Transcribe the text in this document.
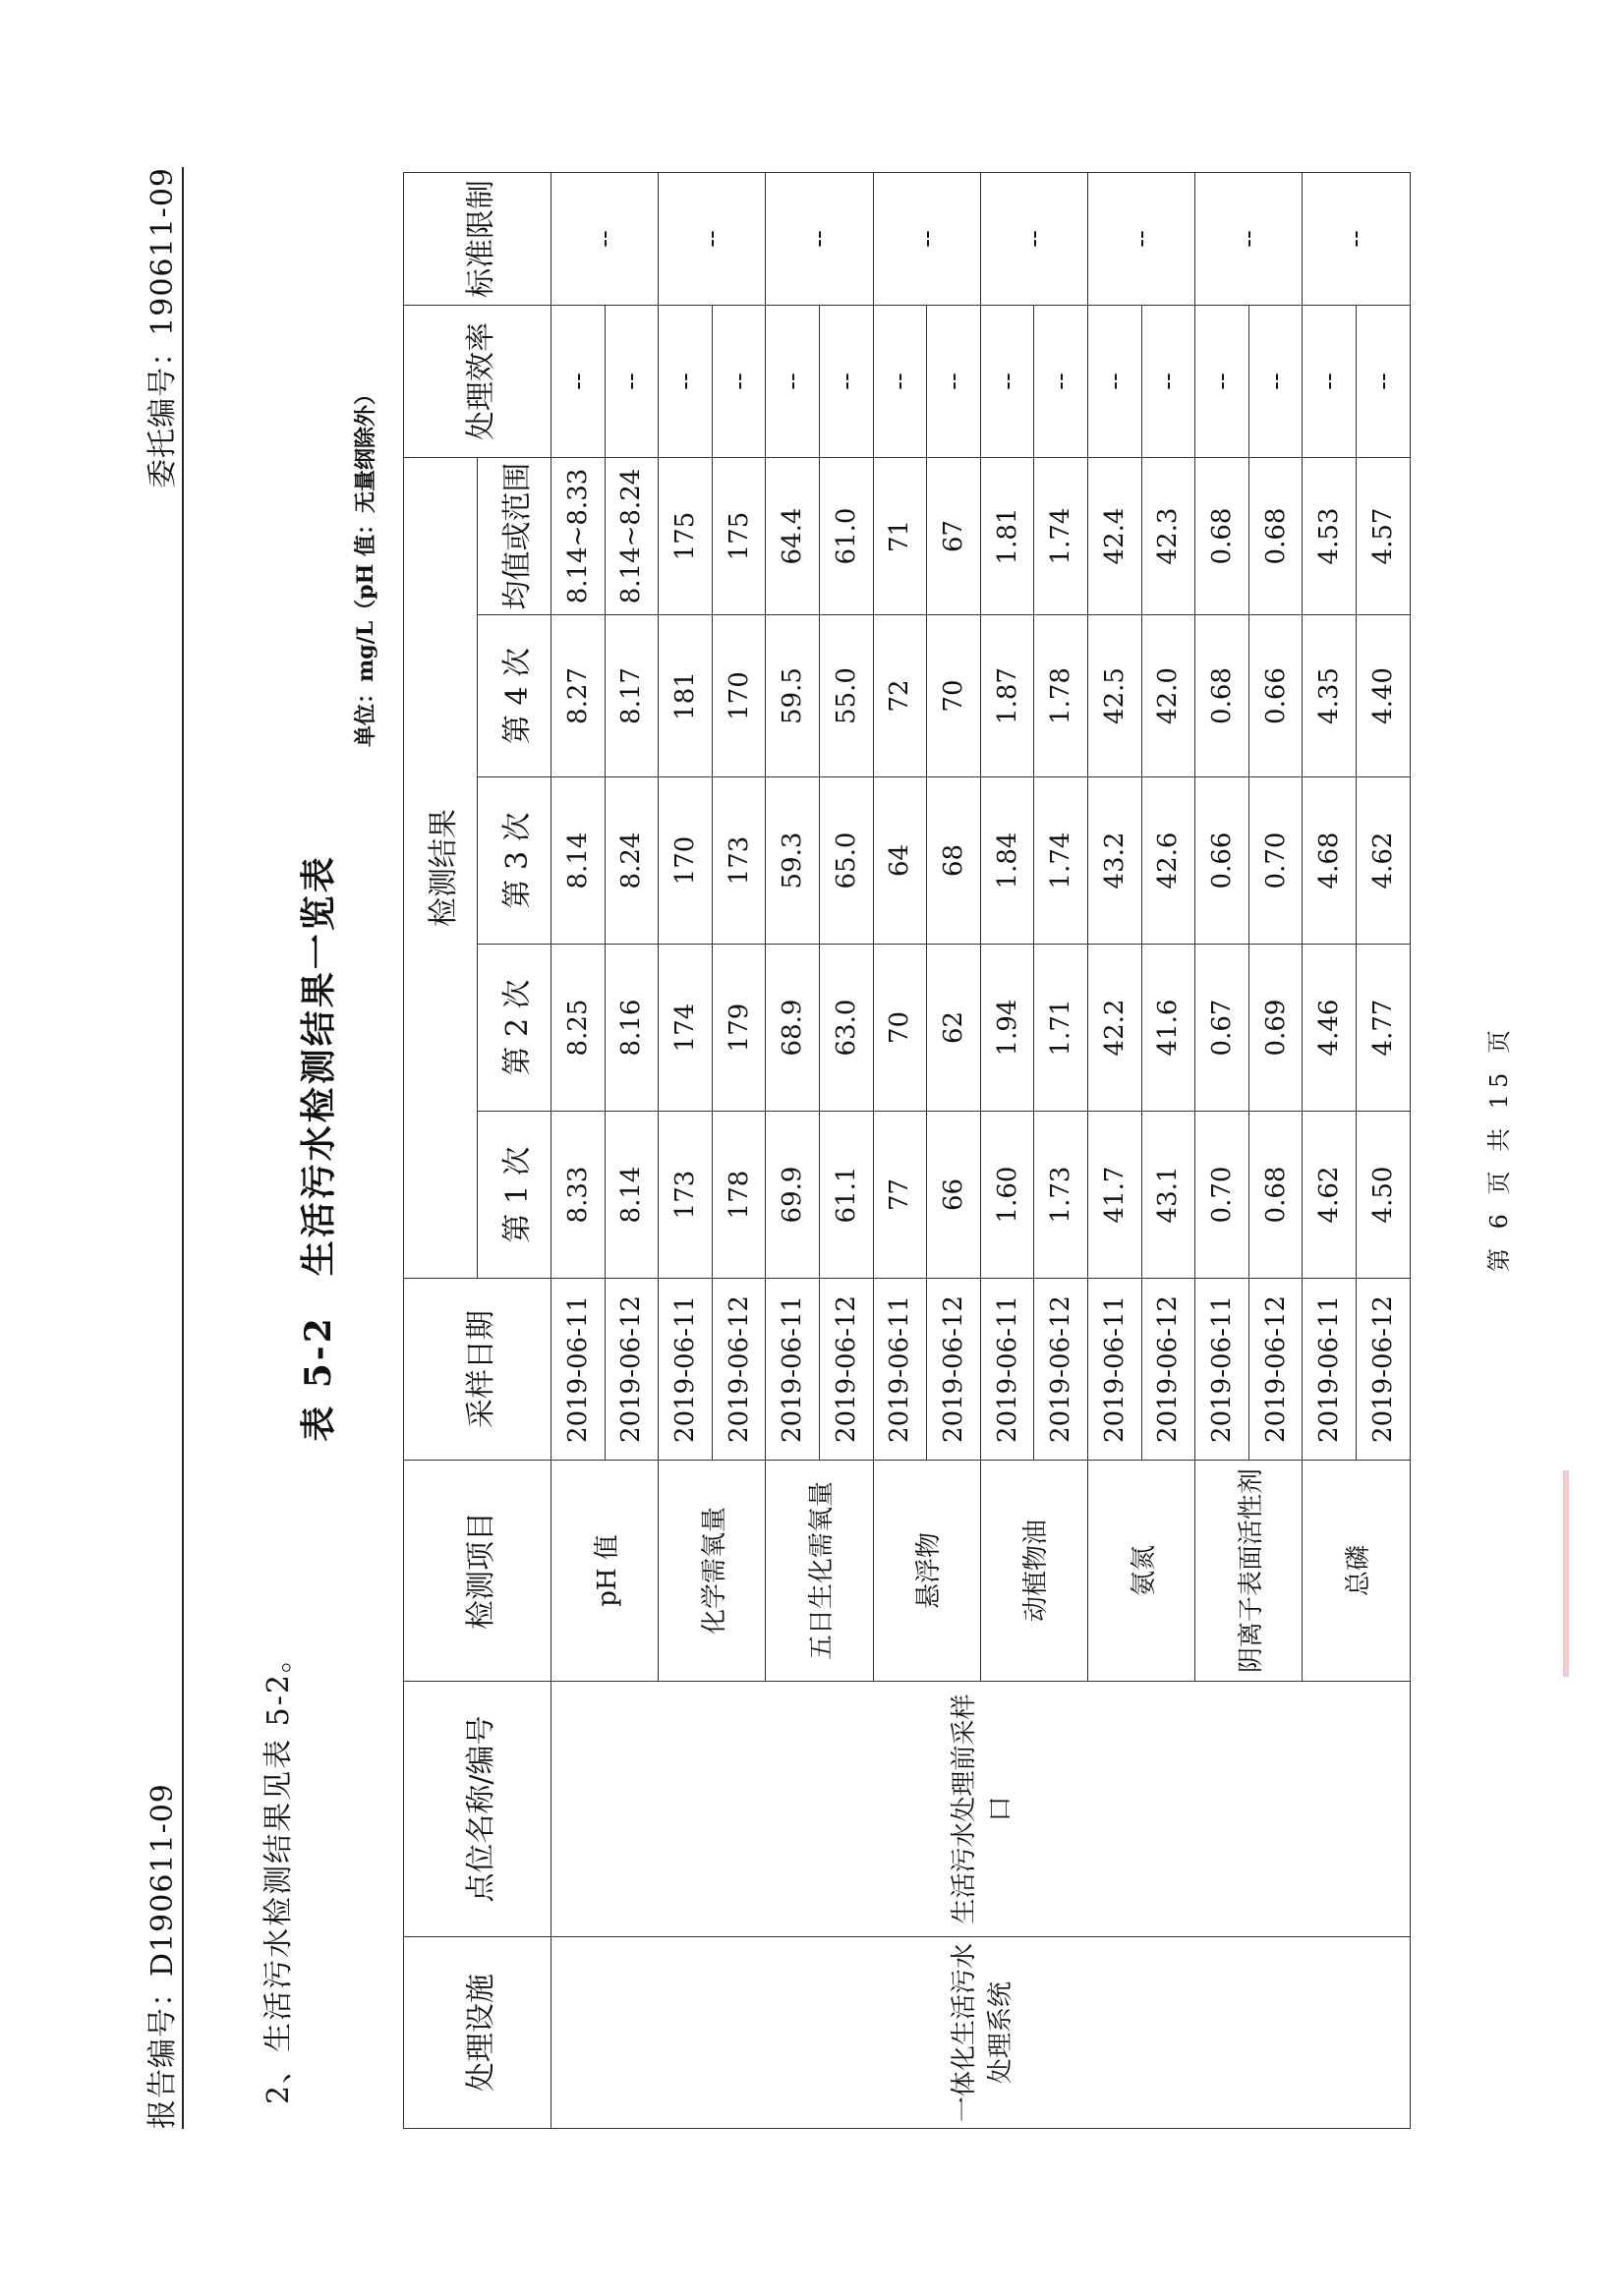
报告编号：D190611-09
委托编号：190611-09
2、生活污水检测结果见表 5-2。
表 5-2生活污水检测结果一览表
单位：mg/L（pH 值：无量纲除外）
处理设施	点位名称/编号	检测项目	采样日期	检测结果					处理效率	标准限制
				第 1 次	第 2 次	第 3 次	第 4 次	均值或范围		
一体化生活污水处理系统	生活污水处理前采样口	pH 值	2019-06-11	8.33	8.25	8.14	8.27	8.14~8.33	--	--
			2019-06-12	8.14	8.16	8.24	8.17	8.14~8.24	--	
		化学需氧量	2019-06-11	173	174	170	181	175	--	--
			2019-06-12	178	179	173	170	175	--	
		五日生化需氧量	2019-06-11	69.9	68.9	59.3	59.5	64.4	--	--
			2019-06-12	61.1	63.0	65.0	55.0	61.0	--	
		悬浮物	2019-06-11	77	70	64	72	71	--	--
			2019-06-12	66	62	68	70	67	--	
		动植物油	2019-06-11	1.60	1.94	1.84	1.87	1.81	--	--
			2019-06-12	1.73	1.71	1.74	1.78	1.74	--	
		氨氮	2019-06-11	41.7	42.2	43.2	42.5	42.4	--	--
			2019-06-12	43.1	41.6	42.6	42.0	42.3	--	
		阴离子表面活性剂	2019-06-11	0.70	0.67	0.66	0.68	0.68	--	--
			2019-06-12	0.68	0.69	0.70	0.66	0.68	--	
		总磷	2019-06-11	4.62	4.46	4.68	4.35	4.53	--	--
			2019-06-12	4.50	4.77	4.62	4.40	4.57	--	
第 6 页 共 15 页
